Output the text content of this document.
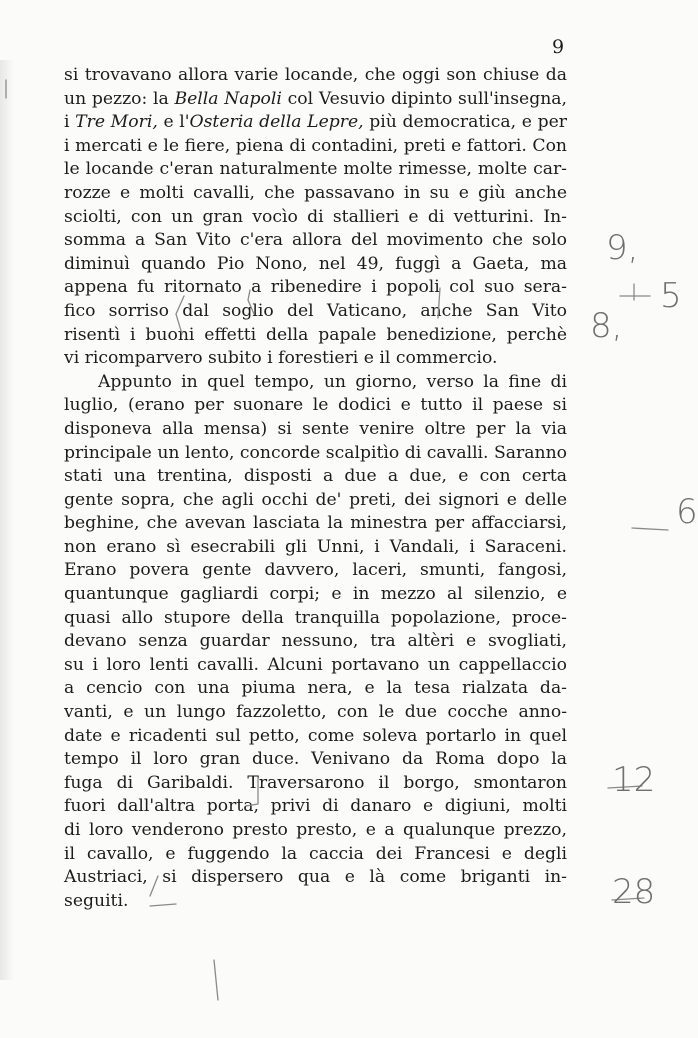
9
si trovavano allora varie locande, che oggi son chiuse da
un pezzo: la Bella Napoli col Vesuvio dipinto sull'insegna,
i Tre Mori, e l'Osteria della Lepre, più democratica, e per
i mercati e le fiere, piena di contadini, preti e fattori. Con
le locande c'eran naturalmente molte rimesse, molte car-
rozze e molti cavalli, che passavano in su e giù anche
sciolti, con un gran vocìo di stallieri e di vetturini. In-
somma a San Vito c'era allora del movimento che solo
diminuì quando Pio Nono, nel 49, fuggì a Gaeta, ma
appena fu ritornato a ribenedire i popoli col suo sera-
fico sorriso dal soglio del Vaticano, anche San Vito
risentì i buoni effetti della papale benedizione, perchè
vi ricomparvero subito i forestieri e il commercio.
Appunto in quel tempo, un giorno, verso la fine di
luglio, (erano per suonare le dodici e tutto il paese si
disponeva alla mensa) si sente venire oltre per la via
principale un lento, concorde scalpitìo di cavalli. Saranno
stati una trentina, disposti a due a due, e con certa
gente sopra, che agli occhi de' preti, dei signori e delle
beghine, che avevan lasciata la minestra per affacciarsi,
non erano sì esecrabili gli Unni, i Vandali, i Saraceni.
Erano povera gente davvero, laceri, smunti, fangosi,
quantunque gagliardi corpi; e in mezzo al silenzio, e
quasi allo stupore della tranquilla popolazione, proce-
devano senza guardar nessuno, tra altèri e svogliati,
su i loro lenti cavalli. Alcuni portavano un cappellaccio
a cencio con una piuma nera, e la tesa rialzata da-
vanti, e un lungo fazzoletto, con le due cocche anno-
date e ricadenti sul petto, come soleva portarlo in quel
tempo il loro gran duce. Venivano da Roma dopo la
fuga di Garibaldi. Traversarono il borgo, smontaron
fuori dall'altra porta, privi di danaro e digiuni, molti
di loro venderono presto presto, e a qualunque prezzo,
il cavallo, e fuggendo la caccia dei Francesi e degli
Austriaci, si dispersero qua e là come briganti in-
seguiti.
9,
5
8,
6
12
28
